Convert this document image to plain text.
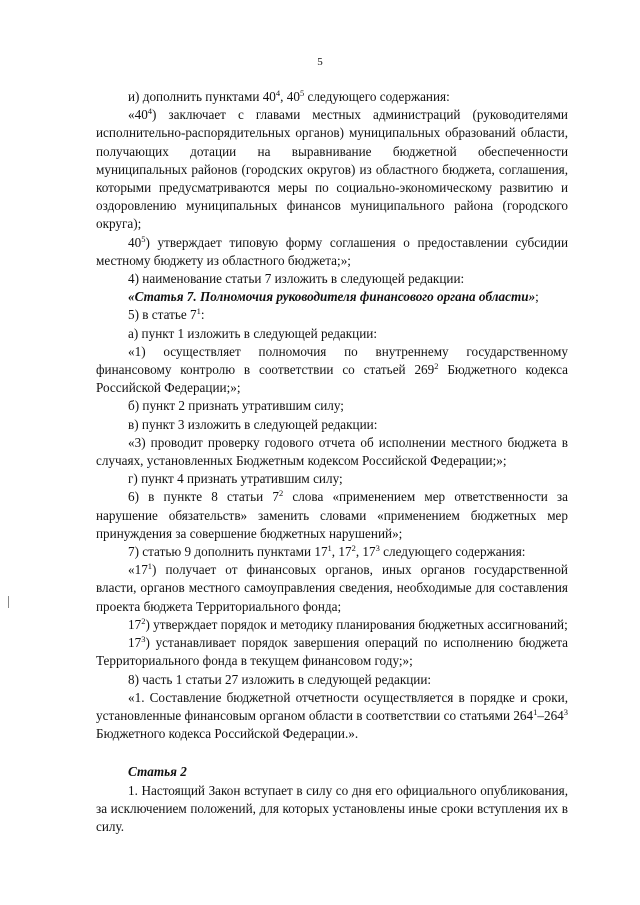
5

и) дополнить пунктами $40^4$, $40^5$ следующего содержания:

«$40^4$) заключает с главами местных администраций (руководителями исполнительно-распорядительных органов) муниципальных образований области, получающих дотации на выравнивание бюджетной обеспеченности муниципальных районов (городских округов) из областного бюджета, соглашения, которыми предусматриваются меры по социально-экономическому развитию и оздоровлению муниципальных финансов муниципального района (городского округа);

$40^5$) утверждает типовую форму соглашения о предоставлении субсидии местному бюджету из областного бюджета;»;

4) наименование статьи 7 изложить в следующей редакции:

«Статья 7. Полномочия руководителя финансового органа области»;

5) в статье $7^1$:

а) пункт 1 изложить в следующей редакции:

«1) осуществляет полномочия по внутреннему государственному финансовому контролю в соответствии со статьей $269^2$ Бюджетного кодекса Российской Федерации;»;

б) пункт 2 признать утратившим силу;

в) пункт 3 изложить в следующей редакции:

«3) проводит проверку годового отчета об исполнении местного бюджета в случаях, установленных Бюджетным кодексом Российской Федерации;»;

г) пункт 4 признать утратившим силу;

6) в пункте 8 статьи $7^2$ слова «применением мер ответственности за нарушение обязательств» заменить словами «применением бюджетных мер принуждения за совершение бюджетных нарушений»;

7) статью 9 дополнить пунктами $17^1$, $17^2$, $17^3$ следующего содержания:

«$17^1$) получает от финансовых органов, иных органов государственной власти, органов местного самоуправления сведения, необходимые для составления проекта бюджета Территориального фонда;

$17^2$) утверждает порядок и методику планирования бюджетных ассигнований;

$17^3$) устанавливает порядок завершения операций по исполнению бюджета Территориального фонда в текущем финансовом году;»;

8) часть 1 статьи 27 изложить в следующей редакции:

«1. Составление бюджетной отчетности осуществляется в порядке и сроки, установленные финансовым органом области в соответствии со статьями $264^1-264^3$ Бюджетного кодекса Российской Федерации.».

Статья 2

1. Настоящий Закон вступает в силу со дня его официального опубликования, за исключением положений, для которых установлены иные сроки вступления их в силу.
